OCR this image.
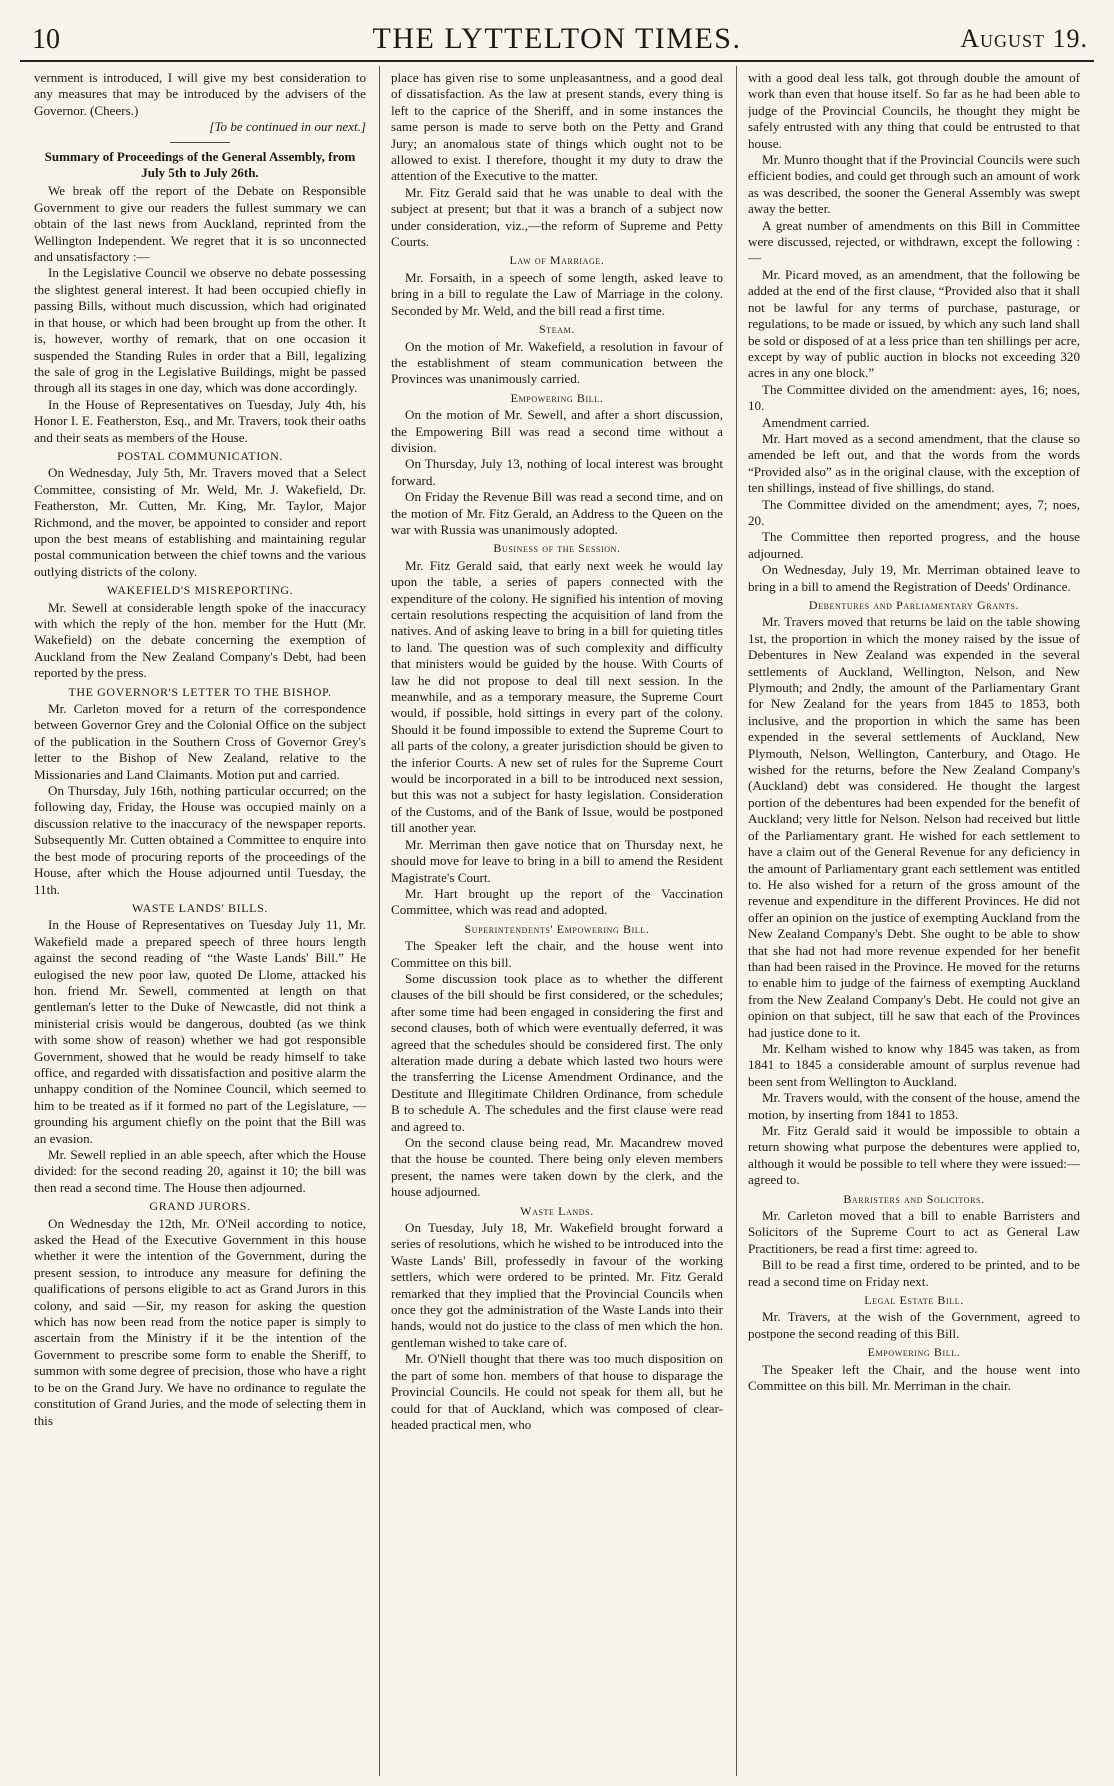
10	THE LYTTELTON TIMES.	August 19.

vernment is introduced, I will give my best consideration to any measures that may be introduced by the advisers of the Governor. (Cheers.)

[To be continued in our next.]

Summary of Proceedings of the General Assembly, from July 5th to July 26th.

We break off the report of the Debate on Responsible Government to give our readers the fullest summary we can obtain of the last news from Auckland, reprinted from the Wellington Independent. We regret that it is so unconnected and unsatisfactory :—

In the Legislative Council we observe no debate possessing the slightest general interest. It had been occupied chiefly in passing Bills, without much discussion, which had originated in that house, or which had been brought up from the other. It is, however, worthy of remark, that on one occasion it suspended the Standing Rules in order that a Bill, legalizing the sale of grog in the Legislative Buildings, might be passed through all its stages in one day, which was done accordingly.

In the House of Representatives on Tuesday, July 4th, his Honor I. E. Featherston, Esq., and Mr. Travers, took their oaths and their seats as members of the House.

POSTAL COMMUNICATION.

On Wednesday, July 5th, Mr. Travers moved that a Select Committee, consisting of Mr. Weld, Mr. J. Wakefield, Dr. Featherston, Mr. Cutten, Mr. King, Mr. Taylor, Major Richmond, and the mover, be appointed to consider and report upon the best means of establishing and maintaining regular postal communication between the chief towns and the various outlying districts of the colony.

WAKEFIELD'S MISREPORTING.

Mr. Sewell at considerable length spoke of the inaccuracy with which the reply of the hon. member for the Hutt (Mr. Wakefield) on the debate concerning the exemption of Auckland from the New Zealand Company's Debt, had been reported by the press.

THE GOVERNOR'S LETTER TO THE BISHOP.

Mr. Carleton moved for a return of the correspondence between Governor Grey and the Colonial Office on the subject of the publication in the Southern Cross of Governor Grey's letter to the Bishop of New Zealand, relative to the Missionaries and Land Claimants. Motion put and carried.

On Thursday, July 16th, nothing particular occurred; on the following day, Friday, the House was occupied mainly on a discussion relative to the inaccuracy of the newspaper reports. Subsequently Mr. Cutten obtained a Committee to enquire into the best mode of procuring reports of the proceedings of the House, after which the House adjourned until Tuesday, the 11th.

WASTE LANDS' BILLS.

In the House of Representatives on Tuesday July 11, Mr. Wakefield made a prepared speech of three hours length against the second reading of “the Waste Lands' Bill.” He eulogised the new poor law, quoted De Llome, attacked his hon. friend Mr. Sewell, commented at length on that gentleman's letter to the Duke of Newcastle, did not think a ministerial crisis would be dangerous, doubted (as we think with some show of reason) whether we had got responsible Government, showed that he would be ready himself to take office, and regarded with dissatisfaction and positive alarm the unhappy condition of the Nominee Council, which seemed to him to be treated as if it formed no part of the Legislature, — grounding his argument chiefly on the point that the Bill was an evasion.

Mr. Sewell replied in an able speech, after which the House divided: for the second reading 20, against it 10; the bill was then read a second time. The House then adjourned.

GRAND JURORS.

On Wednesday the 12th, Mr. O'Neil according to notice, asked the Head of the Executive Government in this house whether it were the intention of the Government, during the present session, to introduce any measure for defining the qualifications of persons eligible to act as Grand Jurors in this colony, and said —Sir, my reason for asking the question which has now been read from the notice paper is simply to ascertain from the Ministry if it be the intention of the Government to prescribe some form to enable the Sheriff, to summon with some degree of precision, those who have a right to be on the Grand Jury. We have no ordinance to regulate the constitution of Grand Juries, and the mode of selecting them in this

place has given rise to some unpleasantness, and a good deal of dissatisfaction. As the law at present stands, every thing is left to the caprice of the Sheriff, and in some instances the same person is made to serve both on the Petty and Grand Jury; an anomalous state of things which ought not to be allowed to exist. I therefore, thought it my duty to draw the attention of the Executive to the matter.

Mr. Fitz Gerald said that he was unable to deal with the subject at present; but that it was a branch of a subject now under consideration, viz.,—the reform of Supreme and Petty Courts.

Law of Marriage.

Mr. Forsaith, in a speech of some length, asked leave to bring in a bill to regulate the Law of Marriage in the colony. Seconded by Mr. Weld, and the bill read a first time.

Steam.

On the motion of Mr. Wakefield, a resolution in favour of the establishment of steam communication between the Provinces was unanimously carried.

Empowering Bill.

On the motion of Mr. Sewell, and after a short discussion, the Empowering Bill was read a second time without a division.

On Thursday, July 13, nothing of local interest was brought forward.

On Friday the Revenue Bill was read a second time, and on the motion of Mr. Fitz Gerald, an Address to the Queen on the war with Russia was unanimously adopted.

Business of the Session.

Mr. Fitz Gerald said, that early next week he would lay upon the table, a series of papers connected with the expenditure of the colony. He signified his intention of moving certain resolutions respecting the acquisition of land from the natives. And of asking leave to bring in a bill for quieting titles to land. The question was of such complexity and difficulty that ministers would be guided by the house. With Courts of law he did not propose to deal till next session. In the meanwhile, and as a temporary measure, the Supreme Court would, if possible, hold sittings in every part of the colony. Should it be found impossible to extend the Supreme Court to all parts of the colony, a greater jurisdiction should be given to the inferior Courts. A new set of rules for the Supreme Court would be incorporated in a bill to be introduced next session, but this was not a subject for hasty legislation. Consideration of the Customs, and of the Bank of Issue, would be postponed till another year.

Mr. Merriman then gave notice that on Thursday next, he should move for leave to bring in a bill to amend the Resident Magistrate's Court.

Mr. Hart brought up the report of the Vaccination Committee, which was read and adopted.

Superintendents' Empowering Bill.

The Speaker left the chair, and the house went into Committee on this bill.

Some discussion took place as to whether the different clauses of the bill should be first considered, or the schedules; after some time had been engaged in considering the first and second clauses, both of which were eventually deferred, it was agreed that the schedules should be considered first. The only alteration made during a debate which lasted two hours were the transferring the License Amendment Ordinance, and the Destitute and Illegitimate Children Ordinance, from schedule B to schedule A. The schedules and the first clause were read and agreed to.

On the second clause being read, Mr. Macandrew moved that the house be counted. There being only eleven members present, the names were taken down by the clerk, and the house adjourned.

Waste Lands.

On Tuesday, July 18, Mr. Wakefield brought forward a series of resolutions, which he wished to be introduced into the Waste Lands' Bill, professedly in favour of the working settlers, which were ordered to be printed. Mr. Fitz Gerald remarked that they implied that the Provincial Councils when once they got the administration of the Waste Lands into their hands, would not do justice to the class of men which the hon. gentleman wished to take care of.

Mr. O'Niell thought that there was too much disposition on the part of some hon. members of that house to disparage the Provincial Councils. He could not speak for them all, but he could for that of Auckland, which was composed of clear-headed practical men, who

with a good deal less talk, got through double the amount of work than even that house itself. So far as he had been able to judge of the Provincial Councils, he thought they might be safely entrusted with any thing that could be entrusted to that house.

Mr. Munro thought that if the Provincial Councils were such efficient bodies, and could get through such an amount of work as was described, the sooner the General Assembly was swept away the better.

A great number of amendments on this Bill in Committee were discussed, rejected, or withdrawn, except the following :—

Mr. Picard moved, as an amendment, that the following be added at the end of the first clause, “Provided also that it shall not be lawful for any terms of purchase, pasturage, or regulations, to be made or issued, by which any such land shall be sold or disposed of at a less price than ten shillings per acre, except by way of public auction in blocks not exceeding 320 acres in any one block.”

The Committee divided on the amendment: ayes, 16; noes, 10.

Amendment carried.

Mr. Hart moved as a second amendment, that the clause so amended be left out, and that the words from the words “Provided also” as in the original clause, with the exception of ten shillings, instead of five shillings, do stand.

The Committee divided on the amendment; ayes, 7; noes, 20.

The Committee then reported progress, and the house adjourned.

On Wednesday, July 19, Mr. Merriman obtained leave to bring in a bill to amend the Registration of Deeds' Ordinance.

Debentures and Parliamentary Grants.

Mr. Travers moved that returns be laid on the table showing 1st, the proportion in which the money raised by the issue of Debentures in New Zealand was expended in the several settlements of Auckland, Wellington, Nelson, and New Plymouth; and 2ndly, the amount of the Parliamentary Grant for New Zealand for the years from 1845 to 1853, both inclusive, and the proportion in which the same has been expended in the several settlements of Auckland, New Plymouth, Nelson, Wellington, Canterbury, and Otago. He wished for the returns, before the New Zealand Company's (Auckland) debt was considered. He thought the largest portion of the debentures had been expended for the benefit of Auckland; very little for Nelson. Nelson had received but little of the Parliamentary grant. He wished for each settlement to have a claim out of the General Revenue for any deficiency in the amount of Parliamentary grant each settlement was entitled to. He also wished for a return of the gross amount of the revenue and expenditure in the different Provinces. He did not offer an opinion on the justice of exempting Auckland from the New Zealand Company's Debt. She ought to be able to show that she had not had more revenue expended for her benefit than had been raised in the Province. He moved for the returns to enable him to judge of the fairness of exempting Auckland from the New Zealand Company's Debt. He could not give an opinion on that subject, till he saw that each of the Provinces had justice done to it.

Mr. Kelham wished to know why 1845 was taken, as from 1841 to 1845 a considerable amount of surplus revenue had been sent from Wellington to Auckland.

Mr. Travers would, with the consent of the house, amend the motion, by inserting from 1841 to 1853.

Mr. Fitz Gerald said it would be impossible to obtain a return showing what purpose the debentures were applied to, although it would be possible to tell where they were issued:— agreed to.

Barristers and Solicitors.

Mr. Carleton moved that a bill to enable Barristers and Solicitors of the Supreme Court to act as General Law Practitioners, be read a first time: agreed to.

Bill to be read a first time, ordered to be printed, and to be read a second time on Friday next.

Legal Estate Bill.

Mr. Travers, at the wish of the Government, agreed to postpone the second reading of this Bill.

Empowering Bill.

The Speaker left the Chair, and the house went into Committee on this bill. Mr. Merriman in the chair.
